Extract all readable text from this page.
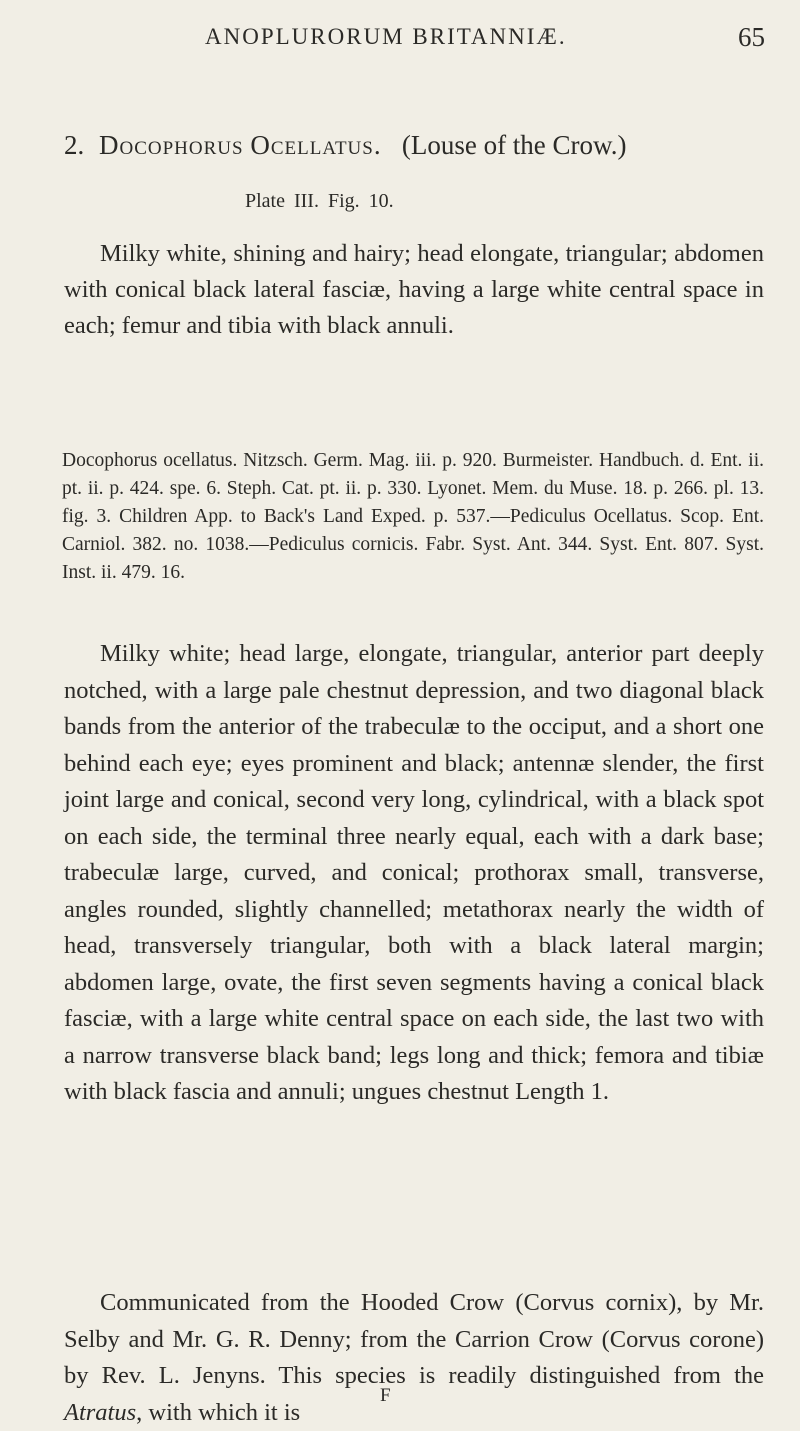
ANOPLURORUM BRITANNIÆ.	65
2. Docophorus Ocellatus. (Louse of the Crow.)
Plate III. Fig. 10.

Milky white, shining and hairy; head elongate, triangular; abdomen with conical black lateral fasciæ, having a large white central space in each; femur and tibia with black annuli.

Docophorus ocellatus. Nitzsch. Germ. Mag. iii. p. 920. Burmeister. Handbuch. d. Ent. ii. pt. ii. p. 424. spe. 6. Steph. Cat. pt. ii. p. 330. Lyonet. Mem. du Muse. 18. p. 266. pl. 13. fig. 3. Children App. to Back's Land Exped. p. 537.—Pediculus Ocellatus. Scop. Ent. Carniol. 382. no. 1038.—Pediculus cornicis. Fabr. Syst. Ant. 344. Syst. Ent. 807. Syst. Inst. ii. 479. 16.

Milky white; head large, elongate, triangular, anterior part deeply notched, with a large pale chestnut depression, and two diagonal black bands from the anterior of the trabeculæ to the occiput, and a short one behind each eye; eyes prominent and black; antennæ slender, the first joint large and conical, second very long, cylindrical, with a black spot on each side, the terminal three nearly equal, each with a dark base; trabeculæ large, curved, and conical; prothorax small, transverse, angles rounded, slightly channelled; metathorax nearly the width of head, transversely triangular, both with a black lateral margin; abdomen large, ovate, the first seven segments having a conical black fasciæ, with a large white central space on each side, the last two with a narrow transverse black band; legs long and thick; femora and tibiæ with black fascia and annuli; ungues chestnut Length 1.

Communicated from the Hooded Crow (Corvus cornix), by Mr. Selby and Mr. G. R. Denny; from the Carrion Crow (Corvus corone) by Rev. L. Jenyns. This species is readily distinguished from the Atratus, with which it is

F
